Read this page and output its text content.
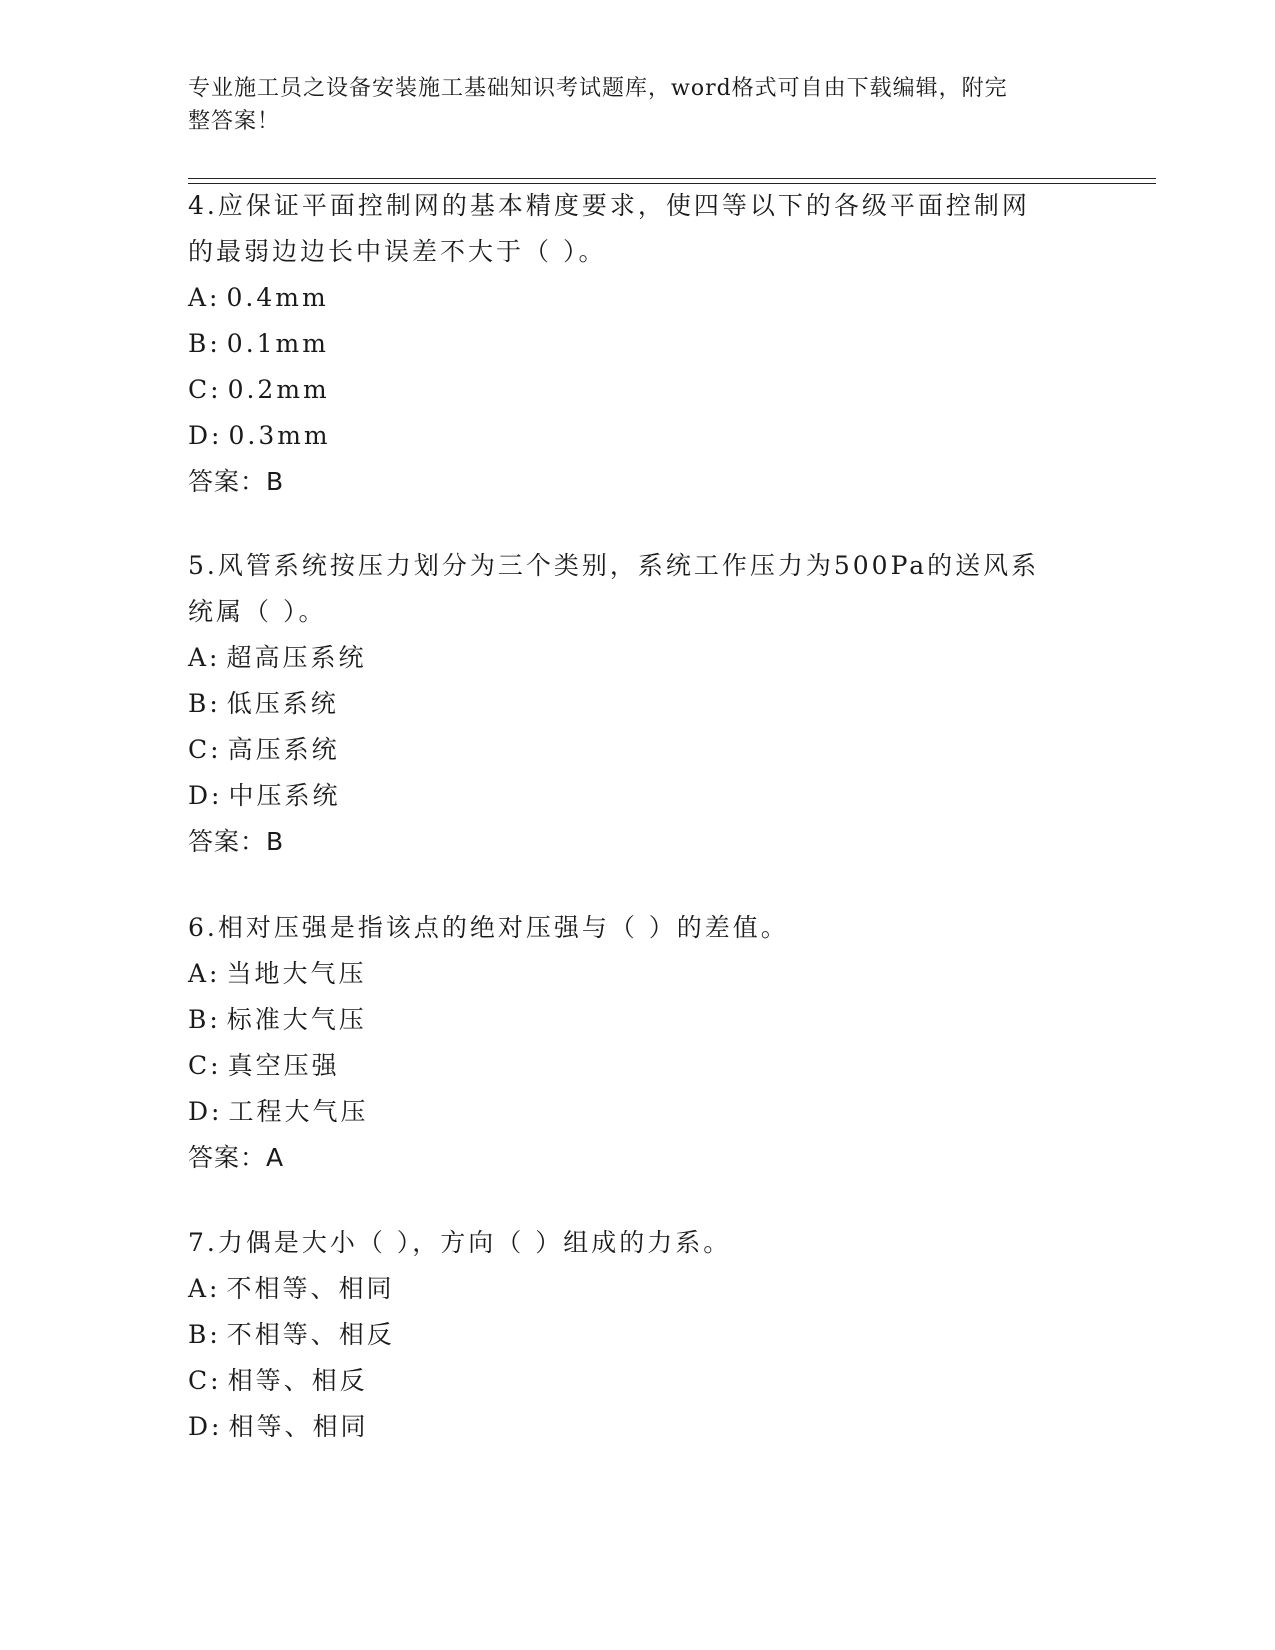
专业施工员之设备安装施工基础知识考试题库，word格式可自由下载编辑，附完
整答案！

4.应保证平面控制网的基本精度要求，使四等以下的各级平面控制网

的最弱边边长中误差不大于（ ）。

A: 0.4mm

B: 0.1mm

C: 0.2mm

D: 0.3mm

答案：B

5.风管系统按压力划分为三个类别，系统工作压力为500Pa的送风系

统属（ ）。

A: 超高压系统

B: 低压系统

C: 高压系统

D: 中压系统

答案：B

6.相对压强是指该点的绝对压强与（ ）的差值。

A: 当地大气压

B: 标准大气压

C: 真空压强

D: 工程大气压

答案：A

7.力偶是大小（ ），方向（ ）组成的力系。

A: 不相等、相同

B: 不相等、相反

C: 相等、相反

D: 相等、相同
